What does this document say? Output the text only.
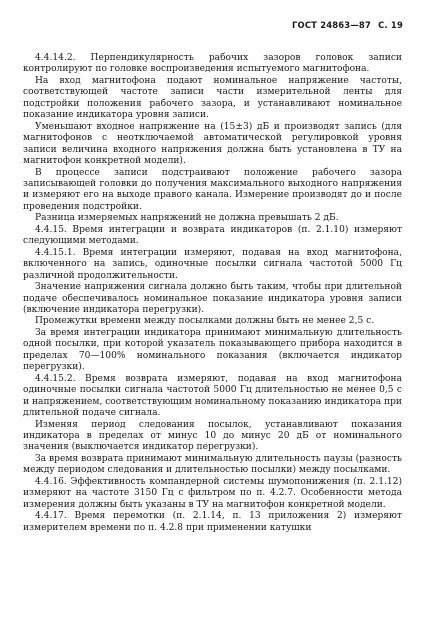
ГОСТ 24863—87 С. 19

4.4.14.2. Перпендикулярность рабочих зазоров головок записи контролируют по головке воспроизведения испытуемого магнитофона.

На вход магнитофона подают номинальное напряжение частоты, соответствующей частоте записи части измерительной ленты для подстройки положения рабочего зазора, и устанавливают номинальное показание индикатора уровня записи.

Уменьшают входное напряжение на (15±3) дБ и производят запись (для магнитофонов с неотключаемой автоматической регулировкой уровня записи величина входного напряжения должна быть установлена в ТУ на магнитофон конкретной модели).

В процессе записи подстраивают положение рабочего зазора записывающей головки до получения максимального выходного напряжения и измеряют его на выходе правого канала. Измерение производят до и после проведения подстройки.

Разница измеряемых напряжений не должна превышать 2 дБ.

4.4.15. Время интеграции и возврата индикаторов (п. 2.1.10) измеряют следующими методами.

4.4.15.1. Время интеграции измеряют, подавая на вход магнитофона, включенного на запись, одиночные посылки сигнала частотой 5000 Гц различной продолжительности.

Значение напряжения сигнала должно быть таким, чтобы при длительной подаче обеспечивалось номинальное показание индикатора уровня записи (включение индикатора перегрузки).

Промежутки времени между посылками должны быть не менее 2,5 с.

За время интеграции индикатора принимают минимальную длительность одной посылки, при которой указатель показывающего прибора находится в пределах 70—100% номинального показания (включается индикатор перегрузки).

4.4.15.2. Время возврата измеряют, подавая на вход магнитофона одиночные посылки сигнала частотой 5000 Гц длительностью не менее 0,5 с и напряжением, соответствующим номинальному показанию индикатора при длительной подаче сигнала.

Изменяя период следования посылок, устанавливают показания индикатора в пределах от минус 10 до минус 20 дБ от номинального значения (выключается индикатор перегрузки).

За время возврата принимают минимальную длительность паузы (разность между периодом следования и длительностью посылки) между посылками.

4.4.16. Эффективность компандерной системы шумопонижения (п. 2.1.12) измеряют на частоте 3150 Гц с фильтром по п. 4.2.7. Особенности метода измерения должны быть указаны в ТУ на магнитофон конкретной модели.

4.4.17. Время перемотки (п. 2.1.14, п. 13 приложения 2) измеряют измерителем времени по п. 4.2.8 при применении катушки
